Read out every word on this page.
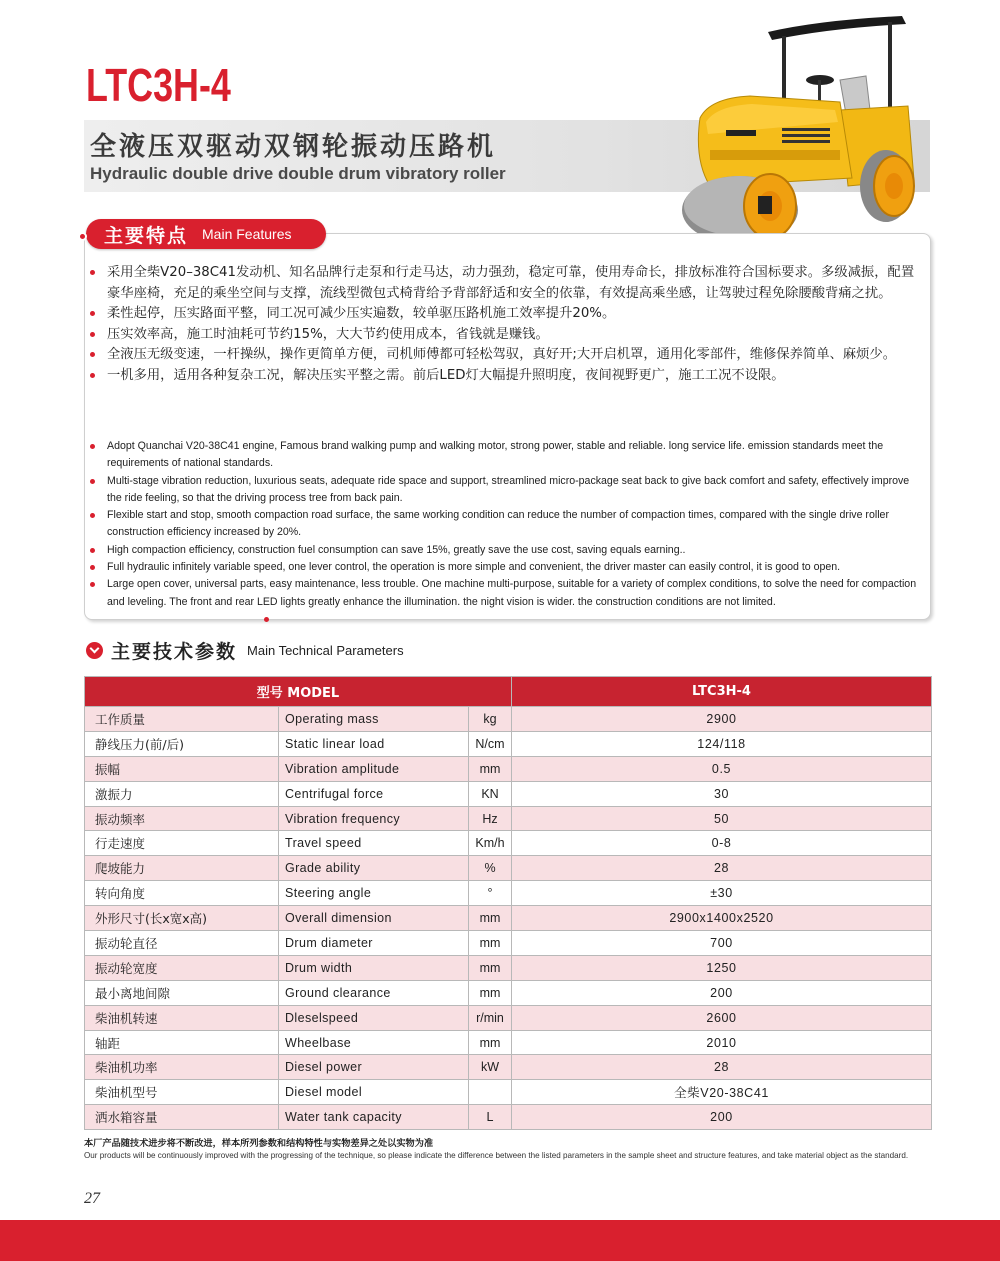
LTC3H-4
全液压双驱动双钢轮振动压路机
Hydraulic double drive double drum vibratory roller
主要特点 Main Features
采用全柴V20–38C41发动机、知名品牌行走泵和行走马达，动力强劲，稳定可靠，使用寿命长，排放标准符合国标要求。多级减振，配置豪华座椅，充足的乘坐空间与支撑，流线型微包式椅背给予背部舒适和安全的依靠，有效提高乘坐感，让驾驶过程免除腰酸背痛之扰。
柔性起停，压实路面平整，同工况可减少压实遍数，较单驱压路机施工效率提升20%。
压实效率高，施工时油耗可节约15%，大大节约使用成本，省钱就是赚钱。
全液压无级变速，一杆操纵，操作更简单方便，司机师傅都可轻松驾驭，真好开;大开启机罩，通用化零部件，维修保养简单、麻烦少。
一机多用，适用各种复杂工况，解决压实平整之需。前后LED灯大幅提升照明度，夜间视野更广，施工工况不设限。
Adopt Quanchai V20-38C41 engine, Famous brand walking pump and walking motor, strong power, stable and reliable. long service life. emission standards meet the requirements of national standards.
Multi-stage vibration reduction, luxurious seats, adequate ride space and support, streamlined micro-package seat back to give back comfort and safety, effectively improve the ride feeling, so that the driving process tree from back pain.
Flexible start and stop, smooth compaction road surface, the same working condition can reduce the number of compaction times, compared with the single drive roller construction efficiency increased by 20%.
High compaction efficiency, construction fuel consumption can save 15%, greatly save the use cost, saving equals earning..
Full hydraulic infinitely variable speed, one lever control, the operation is more simple and convenient, the driver master can easily control, it is good to open.
Large open cover, universal parts, easy maintenance, less trouble. One machine multi-purpose, suitable for a variety of complex conditions, to solve the need for compaction and leveling. The front and rear LED lights greatly enhance the illumination. the night vision is wider. the construction conditions are not limited.
主要技术参数 Main Technical Parameters
型号 MODEL			LTC3H-4
工作质量	Operating mass	kg	2900
静线压力(前/后)	Static linear load	N/cm	124/118
振幅	Vibration amplitude	mm	0.5
激振力	Centrifugal force	KN	30
振动频率	Vibration frequency	Hz	50
行走速度	Travel speed	Km/h	0-8
爬坡能力	Grade ability	%	28
转向角度	Steering angle	°	±30
外形尺寸(长x宽x高)	Overall dimension	mm	2900x1400x2520
振动轮直径	Drum diameter	mm	700
振动轮宽度	Drum width	mm	1250
最小离地间隙	Ground clearance	mm	200
柴油机转速	Dleselspeed	r/min	2600
轴距	Wheelbase	mm	2010
柴油机功率	Diesel power	kW	28
柴油机型号	Diesel model		全柴V20-38C41
洒水箱容量	Water tank capacity	L	200
本厂产品随技术进步将不断改进，样本所列参数和结构特性与实物差异之处以实物为准
Our products will be continuously improved with the progressing of the technique, so please indicate the difference between the listed parameters in the sample sheet and structure features, and take material object as the standard.
27
